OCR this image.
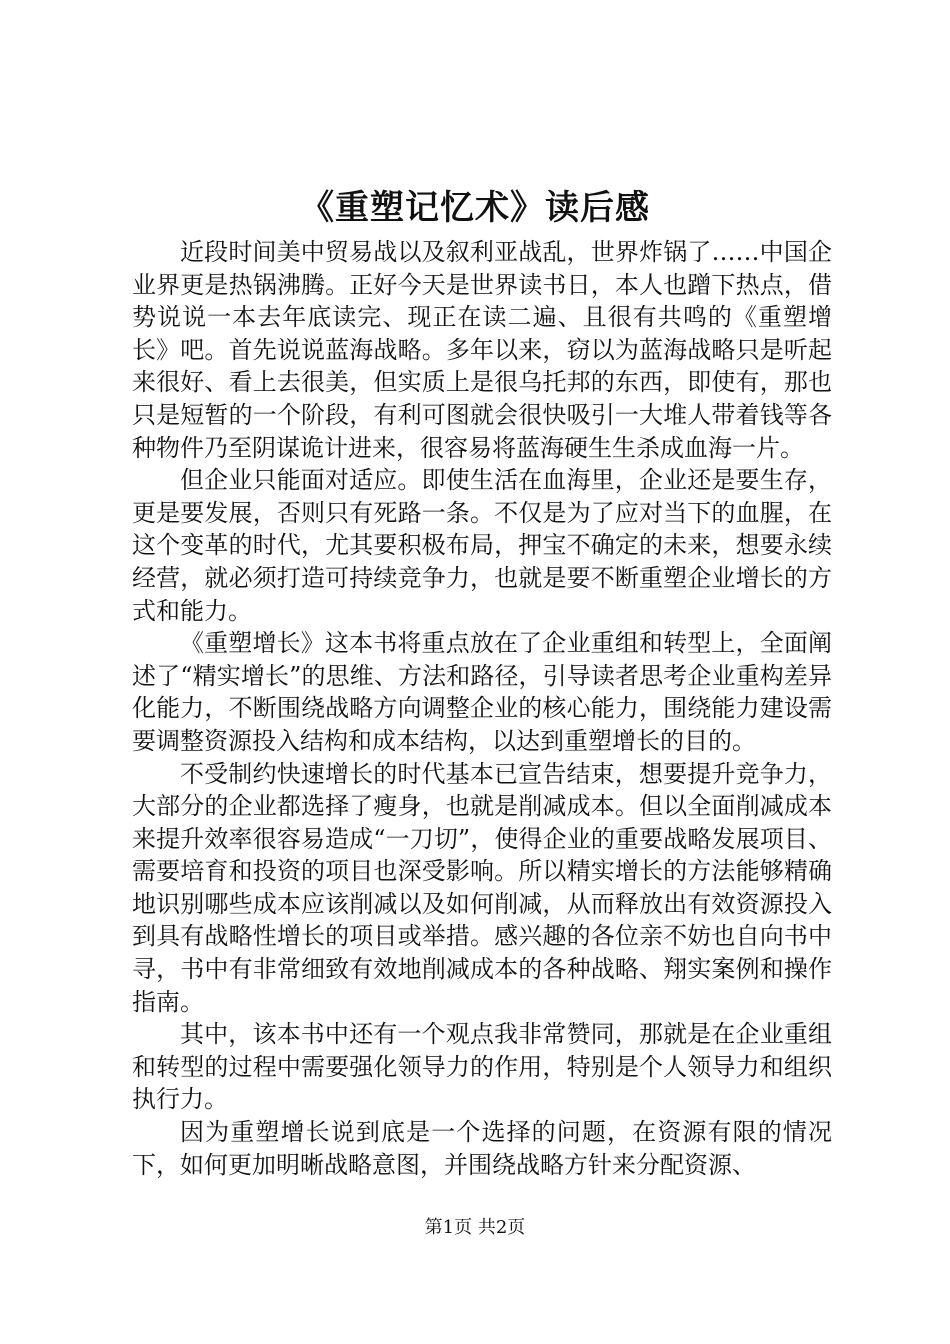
《重塑记忆术》读后感

近段时间美中贸易战以及叙利亚战乱，世界炸锅了……中国企业界更是热锅沸腾。正好今天是世界读书日，本人也蹭下热点，借势说说一本去年底读完、现正在读二遍、且很有共鸣的《重塑增长》吧。首先说说蓝海战略。多年以来，窃以为蓝海战略只是听起来很好、看上去很美，但实质上是很乌托邦的东西，即使有，那也只是短暂的一个阶段，有利可图就会很快吸引一大堆人带着钱等各种物件乃至阴谋诡计进来，很容易将蓝海硬生生杀成血海一片。

但企业只能面对适应。即使生活在血海里，企业还是要生存，更是要发展，否则只有死路一条。不仅是为了应对当下的血腥，在这个变革的时代，尤其要积极布局，押宝不确定的未来，想要永续经营，就必须打造可持续竞争力，也就是要不断重塑企业增长的方式和能力。

《重塑增长》这本书将重点放在了企业重组和转型上，全面阐述了“精实增长”的思维、方法和路径，引导读者思考企业重构差异化能力，不断围绕战略方向调整企业的核心能力，围绕能力建设需要调整资源投入结构和成本结构，以达到重塑增长的目的。

不受制约快速增长的时代基本已宣告结束，想要提升竞争力，大部分的企业都选择了瘦身，也就是削减成本。但以全面削减成本来提升效率很容易造成“一刀切”，使得企业的重要战略发展项目、需要培育和投资的项目也深受影响。所以精实增长的方法能够精确地识别哪些成本应该削减以及如何削减，从而释放出有效资源投入到具有战略性增长的项目或举措。感兴趣的各位亲不妨也自向书中寻，书中有非常细致有效地削减成本的各种战略、翔实案例和操作指南。

其中，该本书中还有一个观点我非常赞同，那就是在企业重组和转型的过程中需要强化领导力的作用，特别是个人领导力和组织执行力。

因为重塑增长说到底是一个选择的问题，在资源有限的情况下，如何更加明晰战略意图，并围绕战略方针来分配资源、

第1页 共2页
